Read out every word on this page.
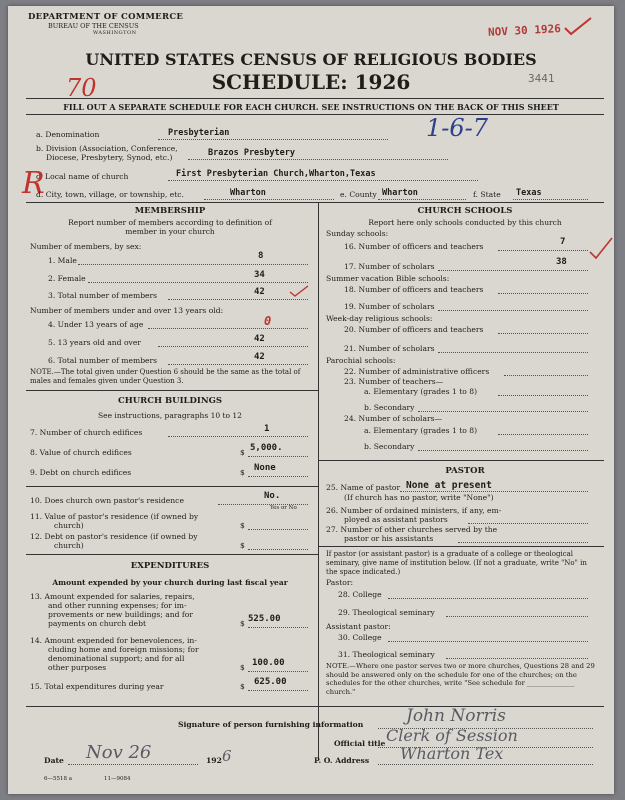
DEPARTMENT OF COMMERCE
BUREAU OF THE CENSUS
WASHINGTON	NOV 30 1926
3441
70
UNITED STATES CENSUS OF RELIGIOUS BODIES
SCHEDULE: 1926
FILL OUT A SEPARATE SCHEDULE FOR EACH CHURCH. SEE INSTRUCTIONS ON THE BACK OF THIS SHEET
1-6-7
a. Denomination	Presbyterian
b. Division (Association, Conference,
Diocese, Presbytery, Synod, etc.)	Brazos Presbytery
c. Local name of church	First Presbyterian Church,Wharton,Texas
R
d. City, town, village, or township, etc.	Wharton	e. County Wharton	f. State Texas
MEMBERSHIP
Report number of members according to definition of
member in your church
Number of members, by sex:
1. Male	8
2. Female	34
3. Total number of members	42
Number of members under and over 13 years old:
4. Under 13 years of age	0
5. 13 years old and over	42
6. Total number of members	42
NOTE.—The total given under Question 6 should be the same as the total of males and females given under Question 3.
CHURCH BUILDINGS
See instructions, paragraphs 10 to 12
7. Number of church edifices	1
8. Value of church edifices	$ 5,000.
9. Debt on church edifices	$ None
10. Does church own pastor's residence	No.
Yes or No
11. Value of pastor's residence (if owned by
church)	$
12. Debt on pastor's residence (if owned by
church)	$
EXPENDITURES
Amount expended by your church during last fiscal year
13. Amount expended for salaries, repairs,
and other running expenses; for im-
provements or new buildings; and for
payments on church debt	$ 525.00
14. Amount expended for benevolences, in-
cluding home and foreign missions; for
denominational support; and for all
other purposes	$ 100.00
15. Total expenditures during year	$ 625.00
CHURCH SCHOOLS
Report here only schools conducted by this church
Sunday schools:
16. Number of officers and teachers	7
17. Number of scholars	38
Summer vacation Bible schools:
18. Number of officers and teachers
19. Number of scholars
Week-day religious schools:
20. Number of officers and teachers
21. Number of scholars
Parochial schools:
22. Number of administrative officers
23. Number of teachers—
a. Elementary (grades 1 to 8)
b. Secondary
24. Number of scholars—
a. Elementary (grades 1 to 8)
b. Secondary
PASTOR
25. Name of pastor None at present
(If church has no pastor, write "None")
26. Number of ordained ministers, if any, em-
ployed as assistant pastors
27. Number of other churches served by the
pastor or his assistants
If pastor (or assistant pastor) is a graduate of a college or theological seminary, give name of institution below. (If not a graduate, write "No" in the space indicated.)
Pastor:
28. College
29. Theological seminary
Assistant pastor:
30. College
31. Theological seminary
NOTE.—Where one pastor serves two or more churches, Questions 28 and 29 should be answered only on the schedule for one of the churches; on the schedules for the other churches, write "See schedule for ______________ church."
Signature of person furnishing information	John Norris
Official title Clerk of Session
Date Nov 26	192 6	P. O. Address Wharton Tex
6—5518 a	11—9084
